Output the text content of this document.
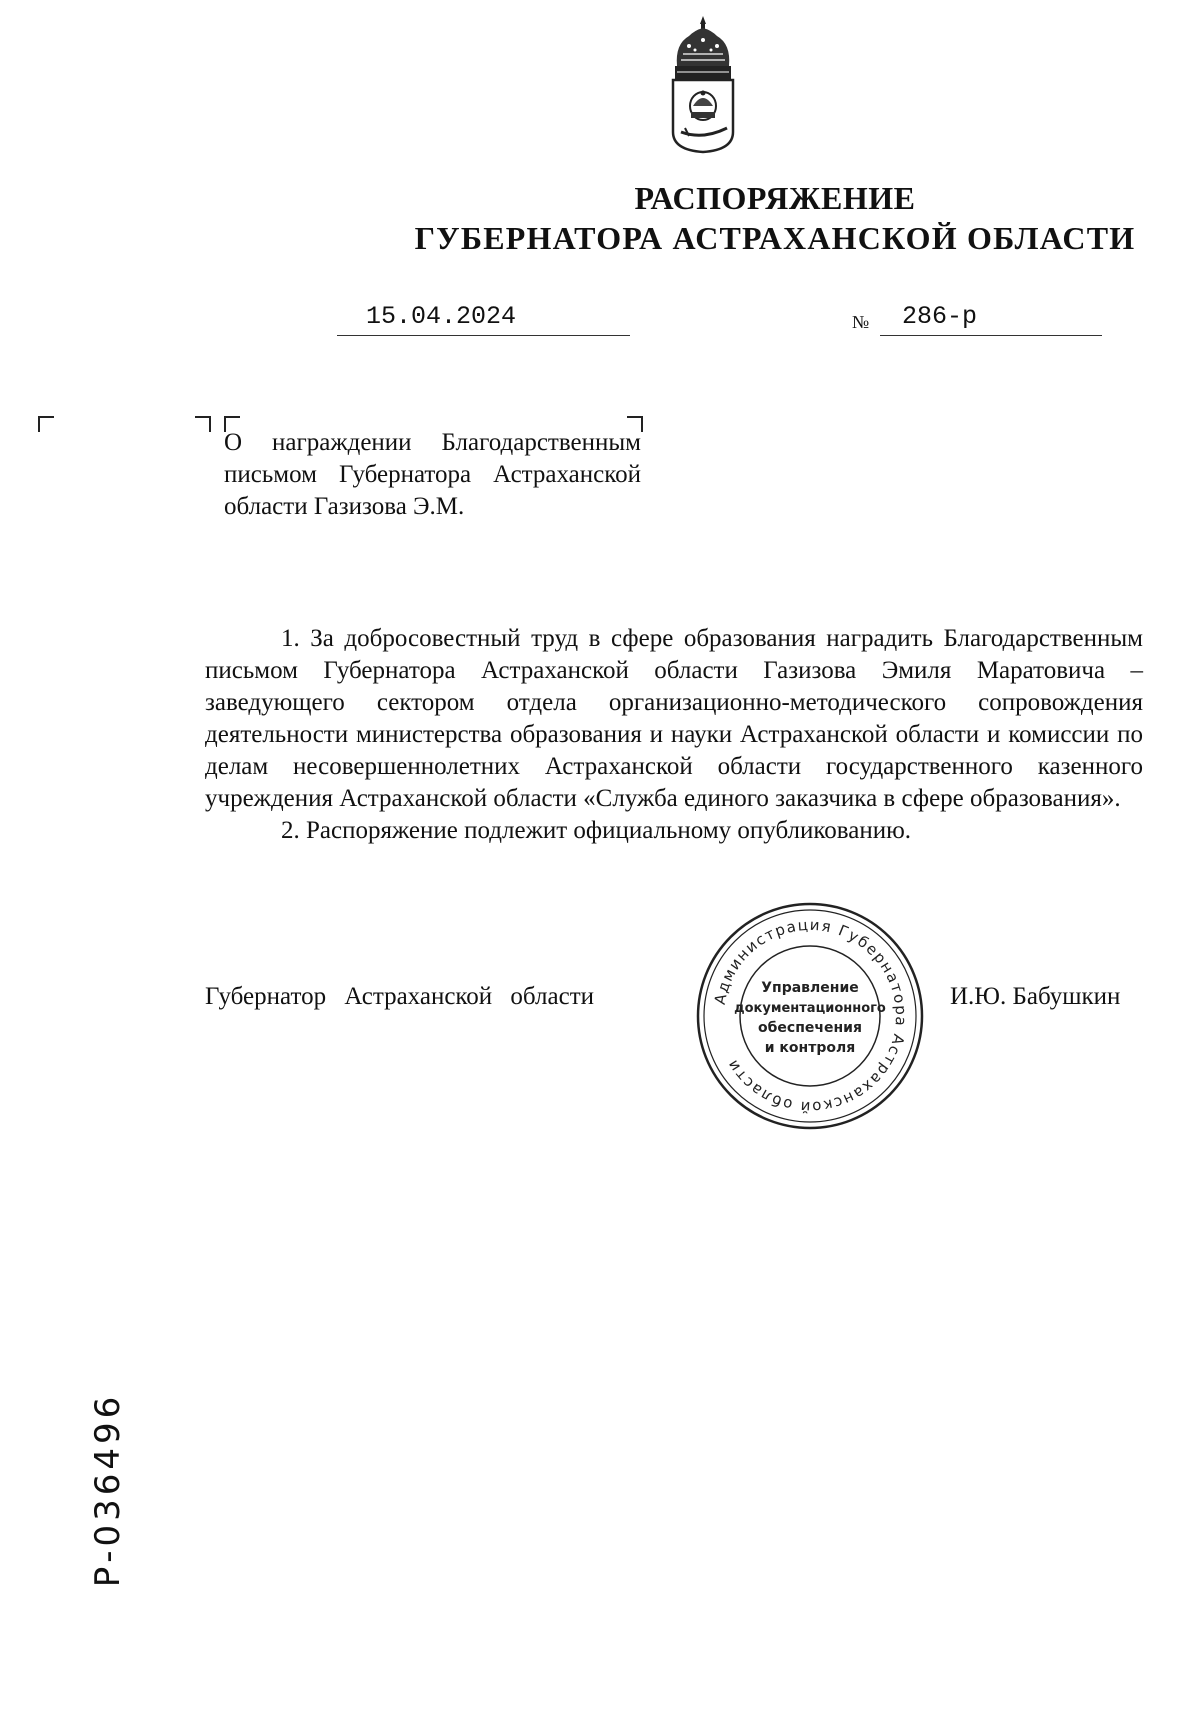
РАСПОРЯЖЕНИЕ
ГУБЕРНАТОРА АСТРАХАНСКОЙ ОБЛАСТИ
15.04.2024	№ 286-р
О награждении Благодарственным письмом Губернатора Астраханской области Газизова Э.М.

1. За добросовестный труд в сфере образования наградить Благодарственным письмом Губернатора Астраханской области Газизова Эмиля Маратовича – заведующего сектором отдела организационно-методического сопровождения деятельности министерства образования и науки Астраханской области и комиссии по делам несовершеннолетних Астраханской области государственного казенного учреждения Астраханской области «Служба единого заказчика в сфере образования».

2. Распоряжение подлежит официальному опубликованию.

Губернатор Астраханской области	И.Ю. Бабушкин
Администрация Губернатора Астраханской области
Управление
документационного
обеспечения
и контроля
Р-036496
